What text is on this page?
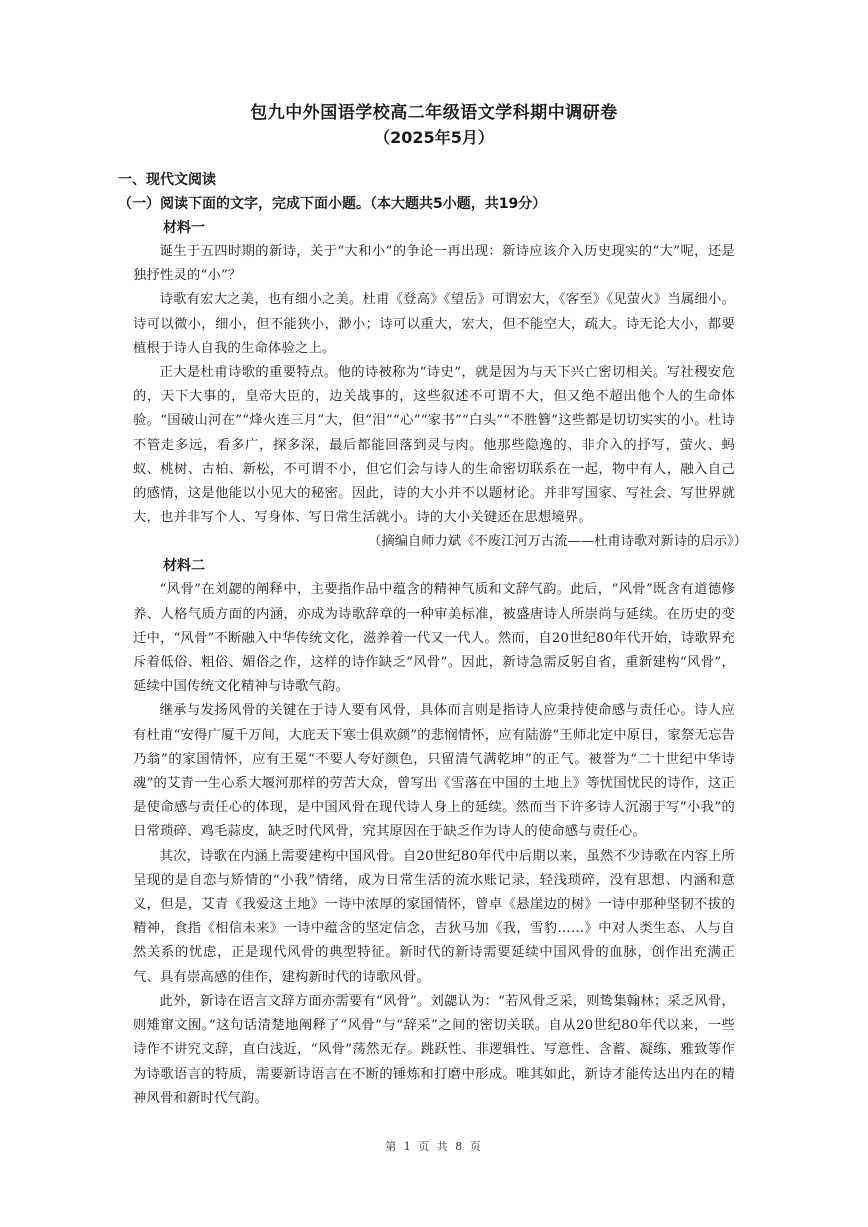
包九中外国语学校高二年级语文学科期中调研卷
（2025年5月）
一、现代文阅读
（一）阅读下面的文字，完成下面小题。（本大题共5小题，共19分）
材料一

诞生于五四时期的新诗，关于“大和小”的争论一再出现：新诗应该介入历史现实的“大”呢，还是独抒性灵的“小”？

诗歌有宏大之美，也有细小之美。杜甫《登高》《望岳》可谓宏大，《客至》《见萤火》当属细小。诗可以微小，细小，但不能狭小，渺小；诗可以重大，宏大，但不能空大，疏大。诗无论大小，都要植根于诗人自我的生命体验之上。

正大是杜甫诗歌的重要特点。他的诗被称为“诗史”，就是因为与天下兴亡密切相关。写社稷安危的，天下大事的，皇帝大臣的，边关战事的，这些叙述不可谓不大，但又绝不超出他个人的生命体验。“国破山河在”“烽火连三月”大，但“泪”“心”“家书”“白头”“不胜簪”这些都是切切实实的小。杜诗不管走多远，看多广，探多深，最后都能回落到灵与肉。他那些隐逸的、非介入的抒写，萤火、蚂蚁、桃树、古柏、新松，不可谓不小，但它们会与诗人的生命密切联系在一起，物中有人，融入自己的感情，这是他能以小见大的秘密。因此，诗的大小并不以题材论。并非写国家、写社会、写世界就大，也并非写个人、写身体、写日常生活就小。诗的大小关键还在思想境界。

（摘编自师力斌《不废江河万古流——杜甫诗歌对新诗的启示》）
材料二

“风骨”在刘勰的阐释中，主要指作品中蕴含的精神气质和文辞气韵。此后，“风骨”既含有道德修养、人格气质方面的内涵，亦成为诗歌辞章的一种审美标准，被盛唐诗人所崇尚与延续。在历史的变迁中，“风骨”不断融入中华传统文化，滋养着一代又一代人。然而，自20世纪80年代开始，诗歌界充斥着低俗、粗俗、媚俗之作，这样的诗作缺乏“风骨”。因此，新诗急需反躬自省，重新建构“风骨”，延续中国传统文化精神与诗歌气韵。

继承与发扬风骨的关键在于诗人要有风骨，具体而言则是指诗人应秉持使命感与责任心。诗人应有杜甫“安得广厦千万间，大庇天下寒士俱欢颜”的悲悯情怀，应有陆游“王师北定中原日，家祭无忘告乃翁”的家国情怀，应有王冕“不要人夸好颜色，只留清气满乾坤”的正气。被誉为“二十世纪中华诗魂”的艾青一生心系大堰河那样的劳苦大众，曾写出《雪落在中国的土地上》等忧国忧民的诗作，这正是使命感与责任心的体现，是中国风骨在现代诗人身上的延续。然而当下许多诗人沉溺于写“小我”的日常琐碎、鸡毛蒜皮，缺乏时代风骨，究其原因在于缺乏作为诗人的使命感与责任心。

其次，诗歌在内涵上需要建构中国风骨。自20世纪80年代中后期以来，虽然不少诗歌在内容上所呈现的是自恋与矫情的“小我”情绪，成为日常生活的流水账记录，轻浅琐碎，没有思想、内涵和意义，但是，艾青《我爱这土地》一诗中浓厚的家国情怀，曾卓《悬崖边的树》一诗中那种坚韧不拔的精神，食指《相信未来》一诗中蕴含的坚定信念，吉狄马加《我，雪豹……》中对人类生态、人与自然关系的忧虑，正是现代风骨的典型特征。新时代的新诗需要延续中国风骨的血脉，创作出充满正气、具有崇高感的佳作，建构新时代的诗歌风骨。

此外，新诗在语言文辞方面亦需要有“风骨”。刘勰认为：“若风骨乏采，则鸷集翰林；采乏风骨，则雉窜文囿。”这句话清楚地阐释了“风骨”与“辞采”之间的密切关联。自从20世纪80年代以来，一些诗作不讲究文辞，直白浅近，“风骨”荡然无存。跳跃性、非逻辑性、写意性、含蓄、凝练、雅致等作为诗歌语言的特质，需要新诗语言在不断的锤炼和打磨中形成。唯其如此，新诗才能传达出内在的精神风骨和新时代气韵。

第 1 页 共 8 页
